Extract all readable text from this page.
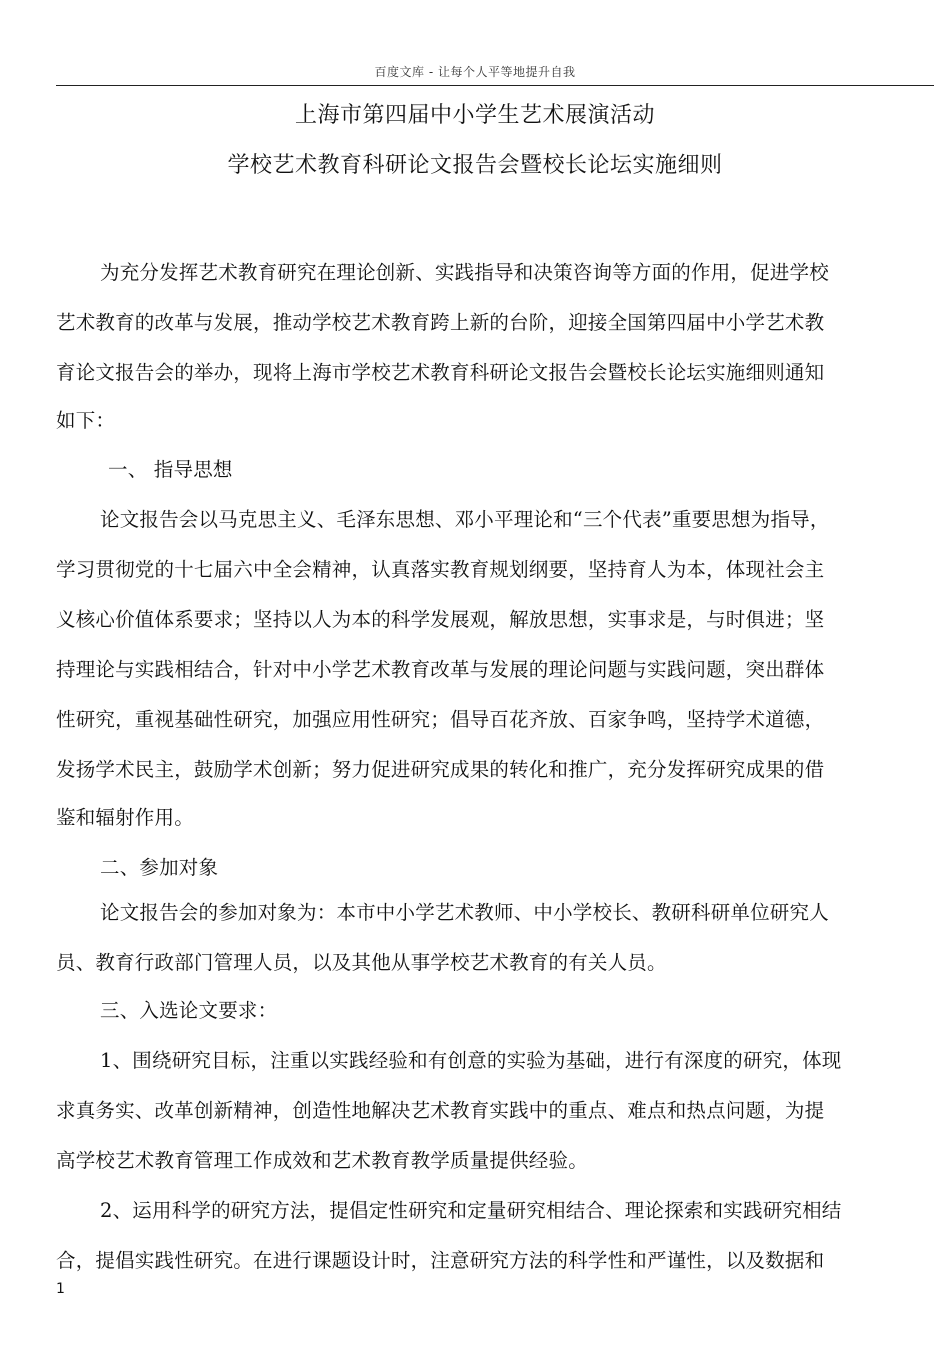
百度文库 - 让每个人平等地提升自我
上海市第四届中小学生艺术展演活动
学校艺术教育科研论文报告会暨校长论坛实施细则
为充分发挥艺术教育研究在理论创新、实践指导和决策咨询等方面的作用，促进学校
艺术教育的改革与发展，推动学校艺术教育跨上新的台阶，迎接全国第四届中小学艺术教
育论文报告会的举办，现将上海市学校艺术教育科研论文报告会暨校长论坛实施细则通知
如下：
一、 指导思想
论文报告会以马克思主义、毛泽东思想、邓小平理论和“三个代表”重要思想为指导，
学习贯彻党的十七届六中全会精神，认真落实教育规划纲要，坚持育人为本，体现社会主
义核心价值体系要求；坚持以人为本的科学发展观，解放思想，实事求是，与时俱进；坚
持理论与实践相结合，针对中小学艺术教育改革与发展的理论问题与实践问题，突出群体
性研究，重视基础性研究，加强应用性研究；倡导百花齐放、百家争鸣，坚持学术道德，
发扬学术民主，鼓励学术创新；努力促进研究成果的转化和推广，充分发挥研究成果的借
鉴和辐射作用。
二、参加对象
论文报告会的参加对象为：本市中小学艺术教师、中小学校长、教研科研单位研究人
员、教育行政部门管理人员，以及其他从事学校艺术教育的有关人员。
三、入选论文要求：
1、围绕研究目标，注重以实践经验和有创意的实验为基础，进行有深度的研究，体现
求真务实、改革创新精神，创造性地解决艺术教育实践中的重点、难点和热点问题，为提
高学校艺术教育管理工作成效和艺术教育教学质量提供经验。
2、运用科学的研究方法，提倡定性研究和定量研究相结合、理论探索和实践研究相结
合，提倡实践性研究。在进行课题设计时，注意研究方法的科学性和严谨性，以及数据和
1
